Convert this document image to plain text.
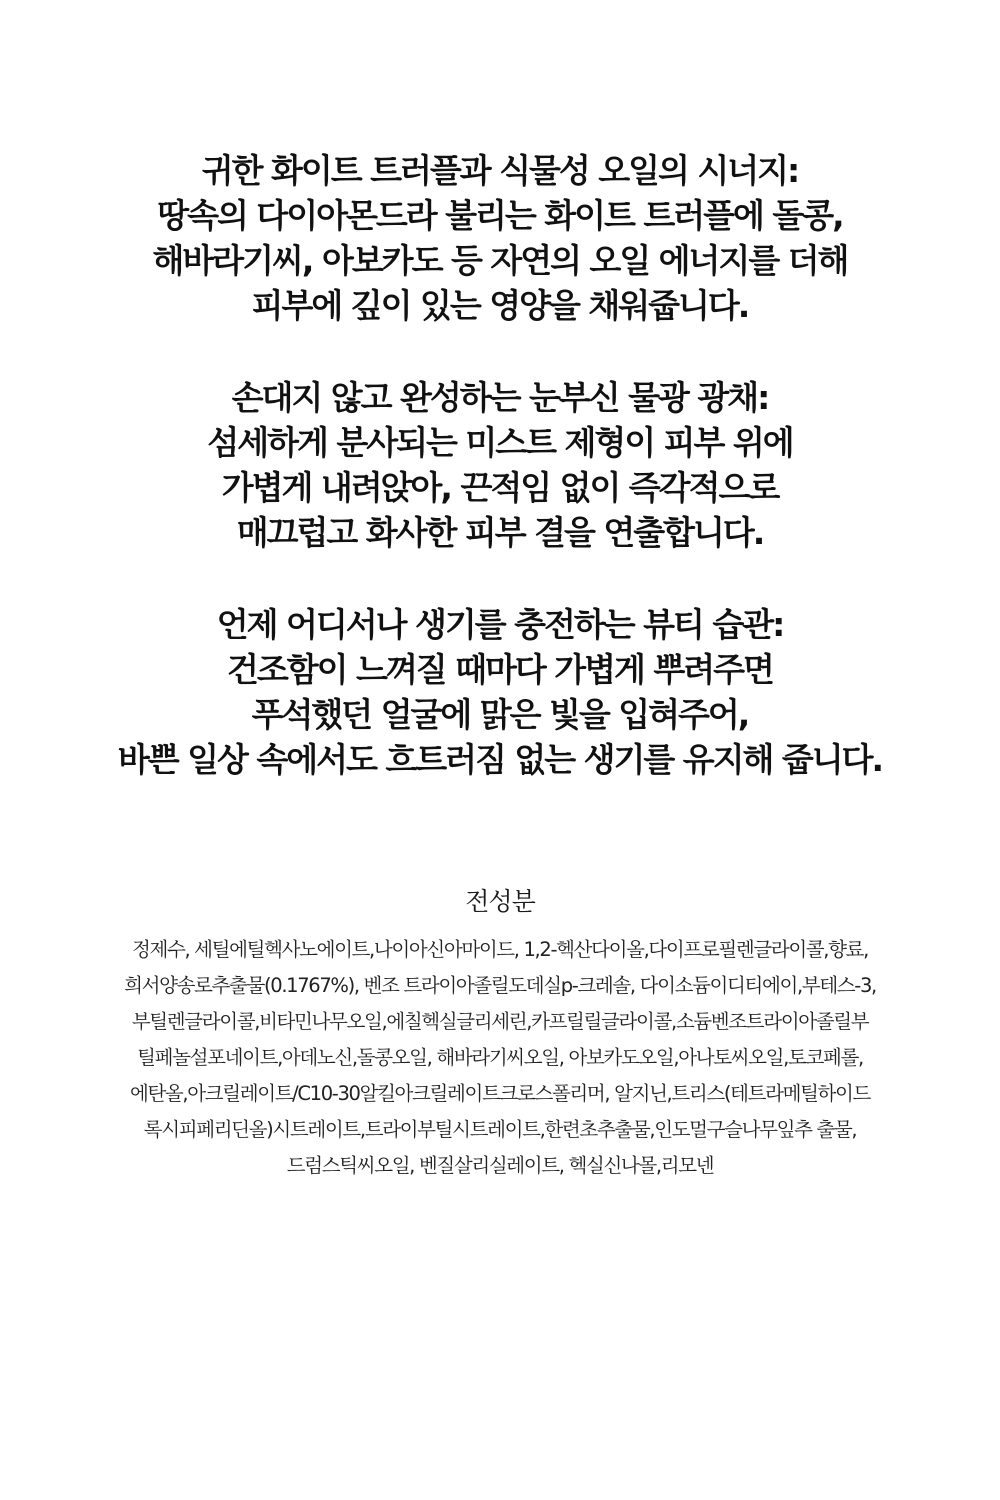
귀한 화이트 트러플과 식물성 오일의 시너지:
땅속의 다이아몬드라 불리는 화이트 트러플에 돌콩,
해바라기씨, 아보카도 등 자연의 오일 에너지를 더해
피부에 깊이 있는 영양을 채워줍니다.
손대지 않고 완성하는 눈부신 물광 광채:
섬세하게 분사되는 미스트 제형이 피부 위에
가볍게 내려앉아, 끈적임 없이 즉각적으로
매끄럽고 화사한 피부 결을 연출합니다.
언제 어디서나 생기를 충전하는 뷰티 습관:
건조함이 느껴질 때마다 가볍게 뿌려주면
푸석했던 얼굴에 맑은 빛을 입혀주어,
바쁜 일상 속에서도 흐트러짐 없는 생기를 유지해 줍니다.
전성분
정제수, 세틸에틸헥사노에이트,나이아신아마이드, 1,2-헥산다이올,다이프로필렌글라이콜,향료,
희서양송로추출물(0.1767%), 벤조 트라이아졸릴도데실p-크레솔, 다이소듐이디티에이,부테스-3,
부틸렌글라이콜,비타민나무오일,에칠헥실글리세린,카프릴릴글라이콜,소듐벤조트라이아졸릴부
틸페놀설포네이트,아데노신,돌콩오일, 해바라기씨오일, 아보카도오일,아나토씨오일,토코페롤,
에탄올,아크릴레이트/C10-30알킬아크릴레이트크로스폴리머, 알지닌,트리스(테트라메틸하이드
록시피페리딘올)시트레이트,트라이부틸시트레이트,한련초추출물,인도멀구슬나무잎추 출물,
드럼스틱씨오일, 벤질살리실레이트, 헥실신나몰,리모넨
